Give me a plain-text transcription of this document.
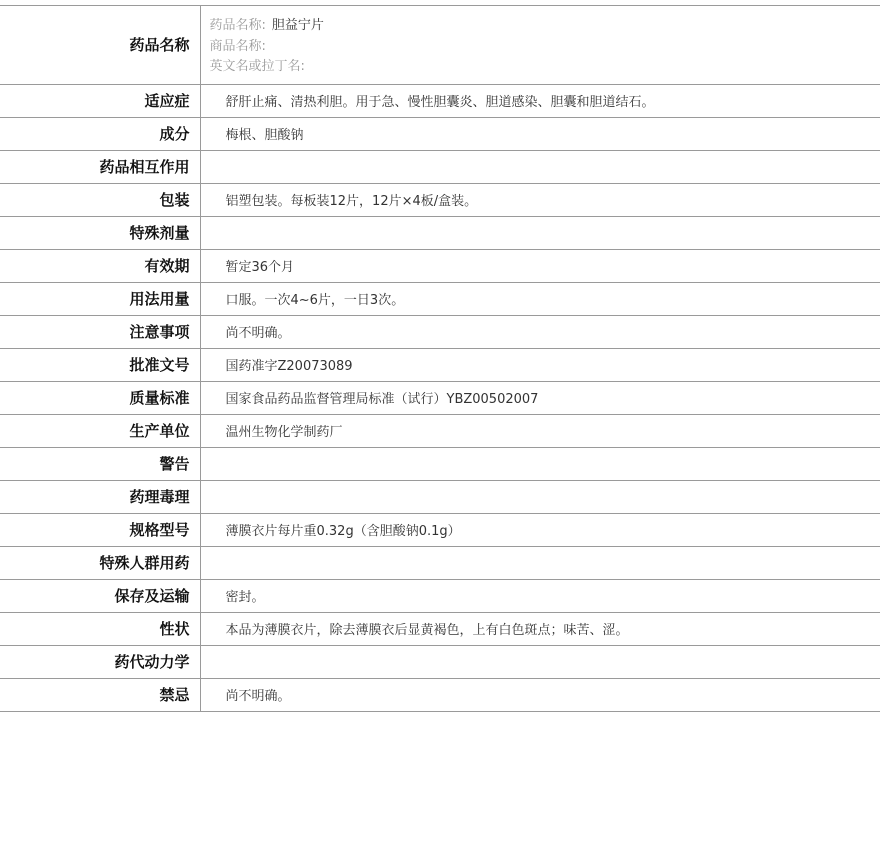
药品名称	药品名称: 胆益宁片
商品名称:
英文名或拉丁名:

适应症	舒肝止痛、清热利胆。用于急、慢性胆囊炎、胆道感染、胆囊和胆道结石。
成分	梅根、胆酸钠
药品相互作用	
包装	铝塑包装。每板装12片，12片×4板/盒装。
特殊剂量	
有效期	暂定36个月
用法用量	口服。一次4~6片，一日3次。
注意事项	尚不明确。
批准文号	国药准字Z20073089
质量标准	国家食品药品监督管理局标准（试行）YBZ00502007
生产单位	温州生物化学制药厂
警告	
药理毒理	
规格型号	薄膜衣片每片重0.32g（含胆酸钠0.1g）
特殊人群用药	
保存及运输	密封。
性状	本品为薄膜衣片，除去薄膜衣后显黄褐色，上有白色斑点；味苦、涩。
药代动力学	
禁忌	尚不明确。
